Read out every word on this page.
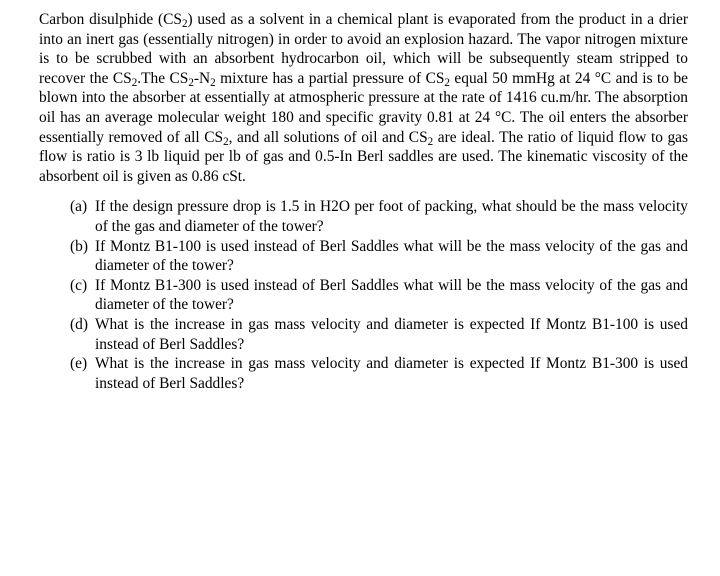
Carbon disulphide $(CS_2)$ used as a solvent in a chemical plant is evaporated from the product in a drier into an inert gas (essentially nitrogen) in order to avoid an explosion hazard. The vapor nitrogen mixture is to be scrubbed with an absorbent hydrocarbon oil, which will be subsequently steam stripped to recover the $CS_2.The$ $CS_2-N_2$ mixture has a partial pressure of $CS_2$ equal 50 mmHg at 24 °C and is to be blown into the absorber at essentially at atmospheric pressure at the rate of 1416 cu.m/hr. The absorption oil has an average molecular weight 180 and specific gravity 0.81 at 24 °C. The oil enters the absorber essentially removed of all $CS_2$, and all solutions of oil and $CS_2$ are ideal. The ratio of liquid flow to gas flow is ratio is 3 lb liquid per lb of gas and 0.5-In Berl saddles are used. The kinematic viscosity of the absorbent oil is given as 0.86 cSt.

(a) If the design pressure drop is 1.5 in H2O per foot of packing, what should be the mass velocity of the gas and diameter of the tower?
(b) If Montz B1-100 is used instead of Berl Saddles what will be the mass velocity of the gas and diameter of the tower?
(c) If Montz B1-300 is used instead of Berl Saddles what will be the mass velocity of the gas and diameter of the tower?
(d) What is the increase in gas mass velocity and diameter is expected If Montz B1-100 is used instead of Berl Saddles?
(e) What is the increase in gas mass velocity and diameter is expected If Montz B1-300 is used instead of Berl Saddles?
